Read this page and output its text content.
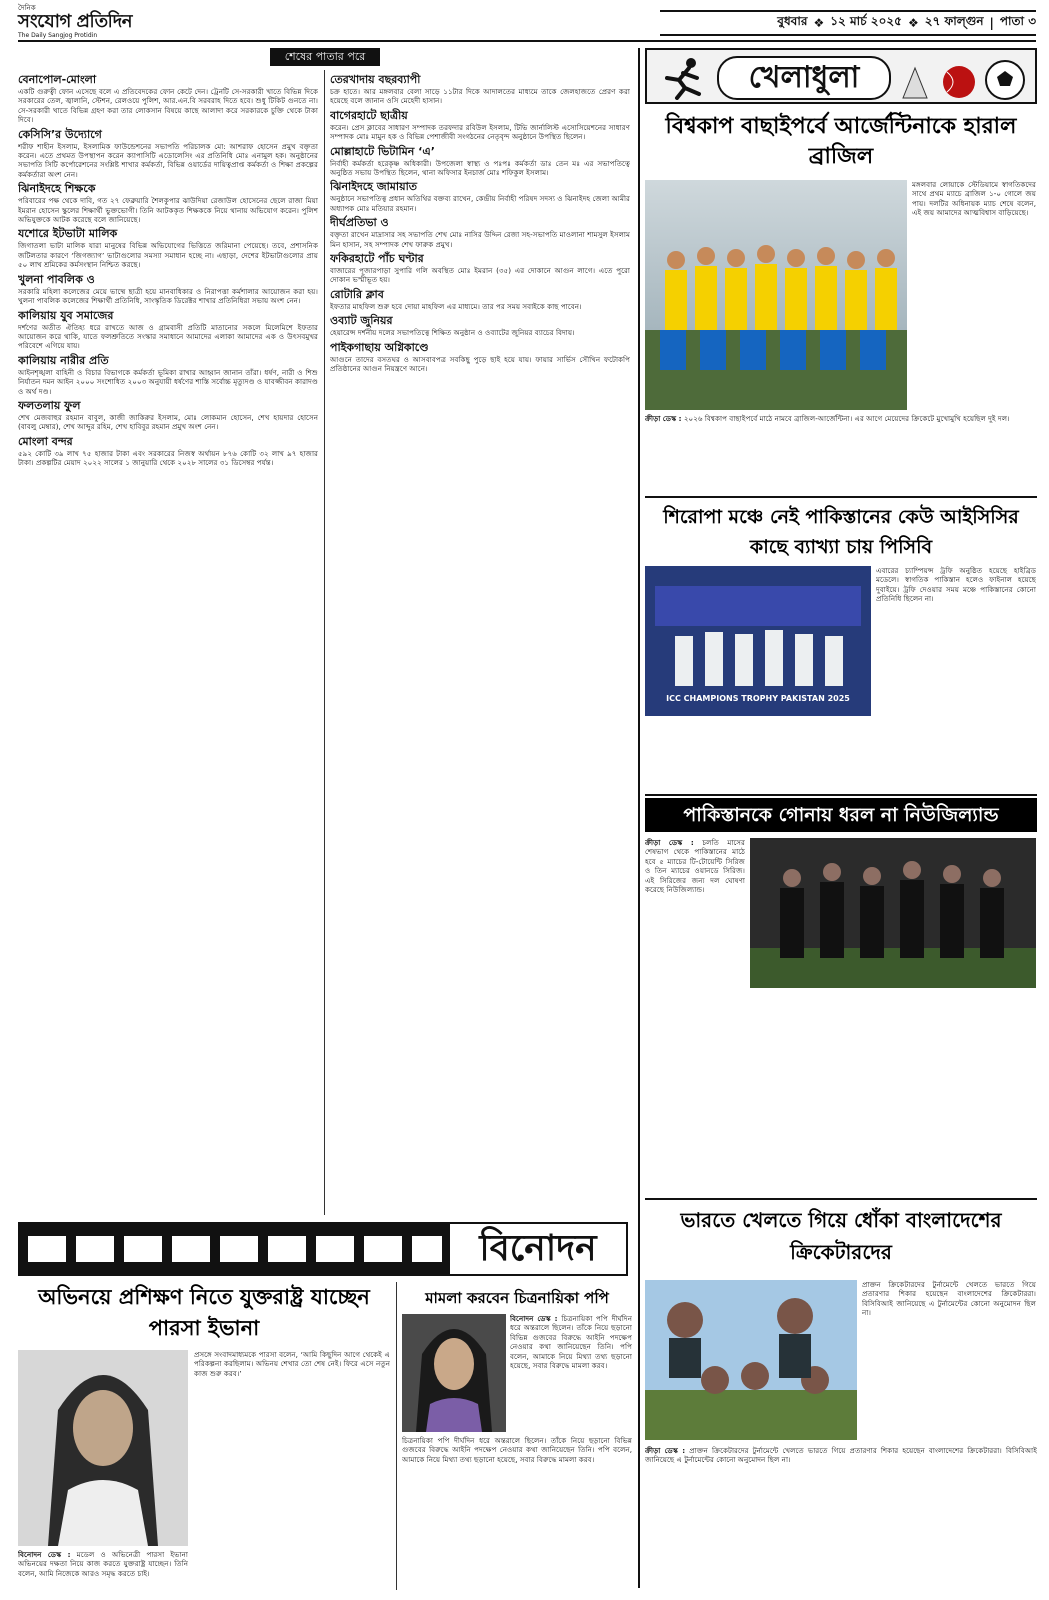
দৈনিক
সংযোগ প্রতিদিন
The Daily Sangjog Protidin
বুধবার ❖ ১২ মার্চ ২০২৫ ❖ ২৭ ফাল্গুন | পাতা ৩
শেষের পাতার পরে
বেনাপোল-মোংলা

একটি গুরুত্বী ফোন এসেছে বলে এ প্রতিবেদকের ফোন কেটে দেন। ট্রেনটি সে-সরকারী খাতে বিভিন্ন দিকে সরকারের তেল, জ্বালানি, স্টেশন, রেলওয়ে পুলিশ, আর.এন.বি সরবরাহ দিতে হবে। শুধু টিকিট গুনতে না। সে-সরকারী খাতে বিভিন্ন গ্রহণ করা তার লোকসান বিষয়ে কাছে আলাদা করে সরকারকে চুক্তি থেকে টাকা দিবে।

কেসিসি’র উদ্যোগে

শরীফ শাহীন ইসলাম, ইসলামিক ফাউন্ডেশনের সভাপতি পরিচালক মো: আশরাফ হোসেন প্রমুখ বক্তৃতা করেন। এতে প্রথমত উপস্থাপন করেন ক্যাপাসিটি এডোলেসিং এর প্রতিনিধি মোঃ এনামুল হক। অনুষ্ঠানের সভাপতি সিটি কর্পোরেশনের সংশ্লিষ্ট শাখার কর্মকর্তা, বিভিন্ন ওয়ার্ডের দায়িত্বপ্রাপ্ত কর্মকর্তা ও শিক্ষা প্রকল্পের কর্মকর্তারা অংশ নেন।

ঝিনাইদহে শিক্ষকে

পরিবারের পক্ষ থেকে দাবি, গত ২৭ ফেব্রুয়ারি শৈলকুপার ঝাউদিয়া রেজাউল হোসেনের ছেলে রাজা মিয়া ইমরান হোসেন স্কুলের শিক্ষার্থী ভুক্তভোগী। তিনি আটককৃত শিক্ষককে নিয়ে থানায় অভিযোগ করেন। পুলিশ অভিযুক্তকে আটক করেছে বলে জানিয়েছে।

যশোরে ইটভাটা মালিক

জিগাতলা ভাটা মালিক যারা মানুষের বিভিন্ন অভিযোগের ভিত্তিতে জরিমানা পেয়েছে। তবে, প্রশাসনিক জটিলতার কারণে ‘জিগজ্যাগ’ ভাটাগুলোর সমস্যা সমাধান হচ্ছে না। এছাড়া, দেশের ইটভাটাগুলোর প্রায় ৫০ লাখ শ্রমিকের কর্মসংস্থান নিশ্চিত করছে।

খুলনা পাবলিক ও

সরকারি মহিলা কলেজের মেয়ে ভাষ্মে ছাত্রী হয়ে মানবাধিকার ও নিরাপত্তা কর্মশালার আয়োজন করা হয়। খুলনা পাবলিক কলেজের শিক্ষার্থী প্রতিনিধি, সাংস্কৃতিক ডিরেক্টর শাখার প্রতিনিধিরা সভায় অংশ নেন।

কালিয়ায় যুব সমাজের

দর্শণের অতীত ঐতিহ্য ধরে রাখতে আজ ও গ্রামবাসী প্রতিটি মাতানোর সকলে মিলেমিশে ইফতার আয়োজন করে থাকি, যাতে ফলশ্রুতিতে সংস্কার সমাধানে আমাদের এলাকা আমাদের এক ও উৎসবমুখর পরিবেশে এগিয়ে যায়।

কালিয়ায় নারীর প্রতি

আইনশৃঙ্খলা বাহিনী ও বিচার বিভাগকে কর্মকর্তা ভূমিকা রাখার আহ্বান জানান তাঁরা। ধর্ষণ, নারী ও শিশু নির্যাতন দমন আইন ২০০০ সংশোধিত ২০০৩ অনুযায়ী ধর্ষণের শাস্তি সর্বোচ্চ মৃত্যুদণ্ড ও যাবজ্জীবন কারাদণ্ড ও অর্থ দণ্ড।

ফলতলায় ফুল

শেখ মেজবাহুর রহমান বাবুল, কাজী জাকিরুর ইসলাম, মোঃ লোকমান হোসেন, শেখ হায়দার হোসেন (বাবলু মেম্বার), শেখ আব্দুর রহিম, শেখ হাবিবুর রহমান প্রমুখ অংশ নেন।

মোংলা বন্দর

৫৯২ কোটি ৩৯ লাখ ৭৫ হাজার টাকা এবং সরকারের নিজস্ব অর্থায়ন ৮৭৬ কোটি ৩২ লাখ ৯৭ হাজার টাকা। প্রকল্পটির মেয়াদ ২০২২ সালের ১ জানুয়ারি থেকে ২০২৮ সালের ৩১ ডিসেম্বর পর্যন্ত।

তেরখাদায় বছরব্যাপী

চক্র হাতে। আর মঙ্গলবার বেলা সাড়ে ১১টার দিকে আদালতের মাধ্যমে তাকে জেলহাজতে প্রেরণ করা হয়েছে বলে জানান ওসি মেহেদী হাসান।

বাগেরহাটে ছাত্রীয়

করেন। প্রেস ক্লাবের সাধারণ সম্পাদক তরফদার রবিউল ইসলাম, টিভি জার্নালিস্ট এসোসিয়েশনের সাধারণ সম্পাদক মোঃ মামুন হক ও বিভিন্ন পেশাজীবী সংগঠনের নেতৃবৃন্দ অনুষ্ঠানে উপস্থিত ছিলেন।

মোল্লাহাটে ভিটামিন ‘এ’

নির্বাহী কর্মকর্তা হরেকৃষ্ণ অধিকারী। উপজেলা স্বাস্থ্য ও পঃপঃ কর্মকর্তা ডাঃ তেন মঃ এর সভাপতিত্বে অনুষ্ঠিত সভায় উপস্থিত ছিলেন, থানা অফিসার ইনচার্জ মোঃ শফিকুল ইসলাম।

ঝিনাইদহে জামায়াত

অনুষ্ঠানে সভাপতিত্ব প্রধান অতিথির বক্তব্য রাখেন, কেন্দ্রীয় নির্বাহী পরিষদ সদস্য ও ঝিনাইদহ জেলা আমীর অধ্যাপক মোঃ মতিয়ার রহমান।

দীর্ঘপ্রতিভা ও

বক্তৃতা রাখেন মাদ্রাসার সহ সভাপতি শেখ মোঃ নাসির উদ্দিন রেজা সহ-সভাপতি মাওলানা শামসুল ইসলাম মিন হাসান, সহ সম্পাদক শেখ ফারুক প্রমুখ।

ফকিরহাটে পাঁচ ঘণ্টার

বাজারের পূজারপাড়া সুপারি গলি অবস্থিত মোঃ ইমরান (৩৫) এর দোকানে আগুন লাগে। এতে পুরো দোকান ভস্মীভূত হয়।

রোটারি ক্লাব

ইফতার মাহফিল শুরু হবে দোয়া মাহফিল এর মাধ্যমে। তার পর সময় সবাইকে কাছ পাবেন।

ওব্যাট জুনিয়র

হেয়ারেন্স দর্শনীয় দলের সভাপতিত্বে শিক্ষিত অনুষ্ঠান ও ওব্যাটের জুনিয়র ব্যাচের বিদায়।

পাইকগাছায় অগ্নিকাণ্ডে

আগুনে তাদের বসতঘর ও আসবাবপত্র সবকিছু পুড়ে ছাই হয়ে যায়। ফায়ার সার্ভিস সৌখিন ফটোকপি প্রতিষ্ঠানের আগুন নিয়ন্ত্রণে আনে।

খেলাধুলা
বিশ্বকাপ বাছাইপর্বে আর্জেন্টিনাকে হারাল ব্রাজিল

মঙ্গলবার লোয়াকে স্টেডিয়ামে স্বাগতিকদের সাথে প্রথম ম্যাচে ব্রাজিল ১-০ গোলে জয় পায়। দলটির অধিনায়ক ম্যাচ শেষে বলেন, এই জয় আমাদের আত্মবিশ্বাস বাড়িয়েছে।

ক্রীড়া ডেস্ক : ২০২৬ বিশ্বকাপ বাছাইপর্বে মাঠে নামবে ব্রাজিল-আর্জেন্টিনা। এর আগে মেয়েদের ক্রিকেটে মুখোমুখি হয়েছিল দুই দল।

শিরোপা মঞ্চে নেই পাকিস্তানের কেউ আইসিসির কাছে ব্যাখ্যা চায় পিসিবি
ICC CHAMPIONS TROPHY PAKISTAN 2025

এবারের চ্যাম্পিয়ন্স ট্রফি অনুষ্ঠিত হয়েছে হাইব্রিড মডেলে। স্বাগতিক পাকিস্তান হলেও ফাইনাল হয়েছে দুবাইয়ে। ট্রফি দেওয়ার সময় মঞ্চে পাকিস্তানের কোনো প্রতিনিধি ছিলেন না।

পাকিস্তানকে গোনায় ধরল না নিউজিল্যান্ড

ক্রীড়া ডেস্ক : চলতি মাসের শেষভাগ থেকে পাকিস্তানের মাঠে হবে ৫ ম্যাচের টি-টোয়েন্টি সিরিজ ও তিন ম্যাচের ওয়ানডে সিরিজ। এই সিরিজের জন্য দল ঘোষণা করেছে নিউজিল্যান্ড।

ভারতে খেলতে গিয়ে ধোঁকা বাংলাদেশের ক্রিকেটারদের

প্রাক্তন ক্রিকেটারদের টুর্নামেন্টে খেলতে ভারতে গিয়ে প্রতারণার শিকার হয়েছেন বাংলাদেশের ক্রিকেটাররা। বিসিবিআই জানিয়েছে এ টুর্নামেন্টের কোনো অনুমোদন ছিল না।

ক্রীড়া ডেস্ক : প্রাক্তন ক্রিকেটারদের টুর্নামেন্টে খেলতে ভারতে গিয়ে প্রতারণার শিকার হয়েছেন বাংলাদেশের ক্রিকেটাররা। বিসিবিআই জানিয়েছে এ টুর্নামেন্টের কোনো অনুমোদন ছিল না।

বিনোদন
অভিনয়ে প্রশিক্ষণ নিতে যুক্তরাষ্ট্র যাচ্ছেন পারসা ইভানা

বিনোদন ডেস্ক : মডেল ও অভিনেত্রী পারসা ইভানা অভিনয়ের দক্ষতা নিয়ে কাজ করতে যুক্তরাষ্ট্র যাচ্ছেন। তিনি বলেন, আমি নিজেকে আরও সমৃদ্ধ করতে চাই।

প্রসঙ্গে সংবাদমাধ্যমকে পারসা বলেন, ‘আমি কিছুদিন আগে থেকেই এ পরিকল্পনা করছিলাম। অভিনয় শেখার তো শেষ নেই। ফিরে এসে নতুন কাজ শুরু করব।’

মামলা করবেন চিত্রনায়িকা পপি

বিনোদন ডেস্ক : চিত্রনায়িকা পপি দীর্ঘদিন ধরে অন্তরালে ছিলেন। তাঁকে নিয়ে ছড়ানো বিভিন্ন গুজবের বিরুদ্ধে আইনি পদক্ষেপ নেওয়ার কথা জানিয়েছেন তিনি। পপি বলেন, আমাকে নিয়ে মিথ্যা তথ্য ছড়ানো হয়েছে, সবার বিরুদ্ধে মামলা করব।

চিত্রনায়িকা পপি দীর্ঘদিন ধরে অন্তরালে ছিলেন। তাঁকে নিয়ে ছড়ানো বিভিন্ন গুজবের বিরুদ্ধে আইনি পদক্ষেপ নেওয়ার কথা জানিয়েছেন তিনি। পপি বলেন, আমাকে নিয়ে মিথ্যা তথ্য ছড়ানো হয়েছে, সবার বিরুদ্ধে মামলা করব।
